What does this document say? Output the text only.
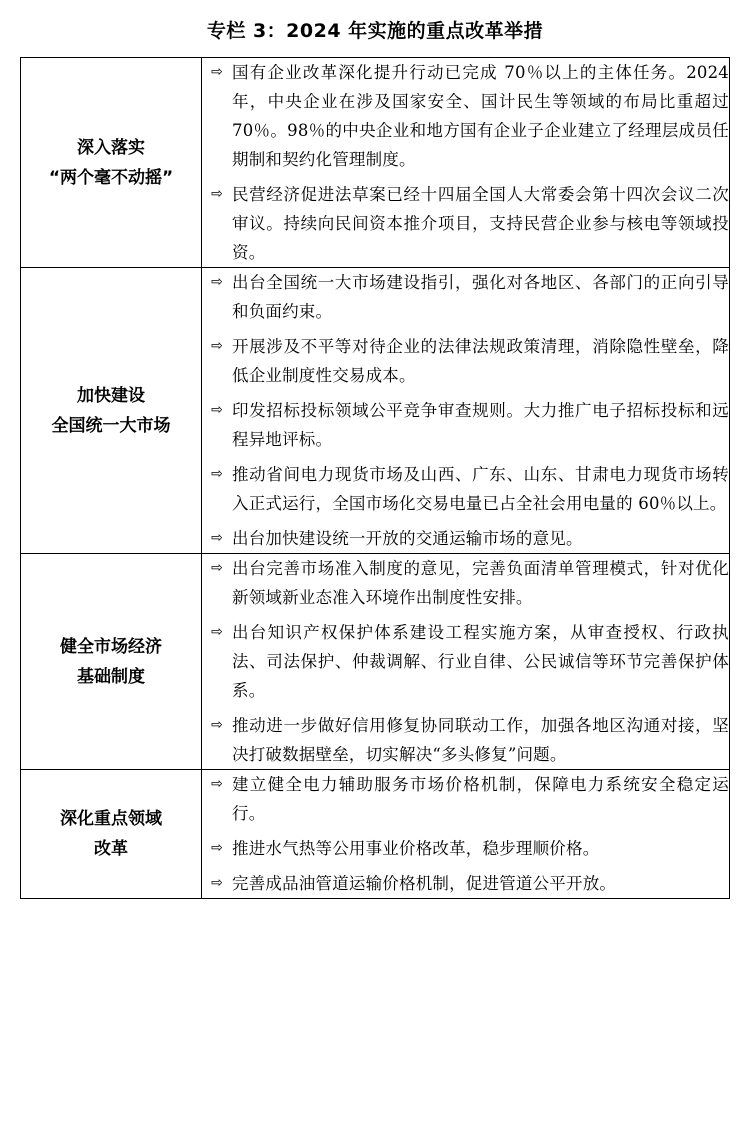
专栏 3：2024 年实施的重点改革举措
深入落实
“两个毫不动摇”

⇨ 国有企业改革深化提升行动已完成 70％以上的主体任务。2024 年，中央企业在涉及国家安全、国计民生等领域的布局比重超过 70％。98％的中央企业和地方国有企业子企业建立了经理层成员任期制和契约化管理制度。
⇨ 民营经济促进法草案已经十四届全国人大常委会第十四次会议二次审议。持续向民间资本推介项目，支持民营企业参与核电等领域投资。

加快建设
全国统一大市场

⇨ 出台全国统一大市场建设指引，强化对各地区、各部门的正向引导和负面约束。
⇨ 开展涉及不平等对待企业的法律法规政策清理，消除隐性壁垒，降低企业制度性交易成本。
⇨ 印发招标投标领域公平竞争审查规则。大力推广电子招标投标和远程异地评标。
⇨ 推动省间电力现货市场及山西、广东、山东、甘肃电力现货市场转入正式运行，全国市场化交易电量已占全社会用电量的 60％以上。
⇨ 出台加快建设统一开放的交通运输市场的意见。

健全市场经济
基础制度

⇨ 出台完善市场准入制度的意见，完善负面清单管理模式，针对优化新领域新业态准入环境作出制度性安排。
⇨ 出台知识产权保护体系建设工程实施方案，从审查授权、行政执法、司法保护、仲裁调解、行业自律、公民诚信等环节完善保护体系。
⇨ 推动进一步做好信用修复协同联动工作，加强各地区沟通对接，坚决打破数据壁垒，切实解决“多头修复”问题。

深化重点领域
改革

⇨ 建立健全电力辅助服务市场价格机制，保障电力系统安全稳定运行。
⇨ 推进水气热等公用事业价格改革，稳步理顺价格。
⇨ 完善成品油管道运输价格机制，促进管道公平开放。
